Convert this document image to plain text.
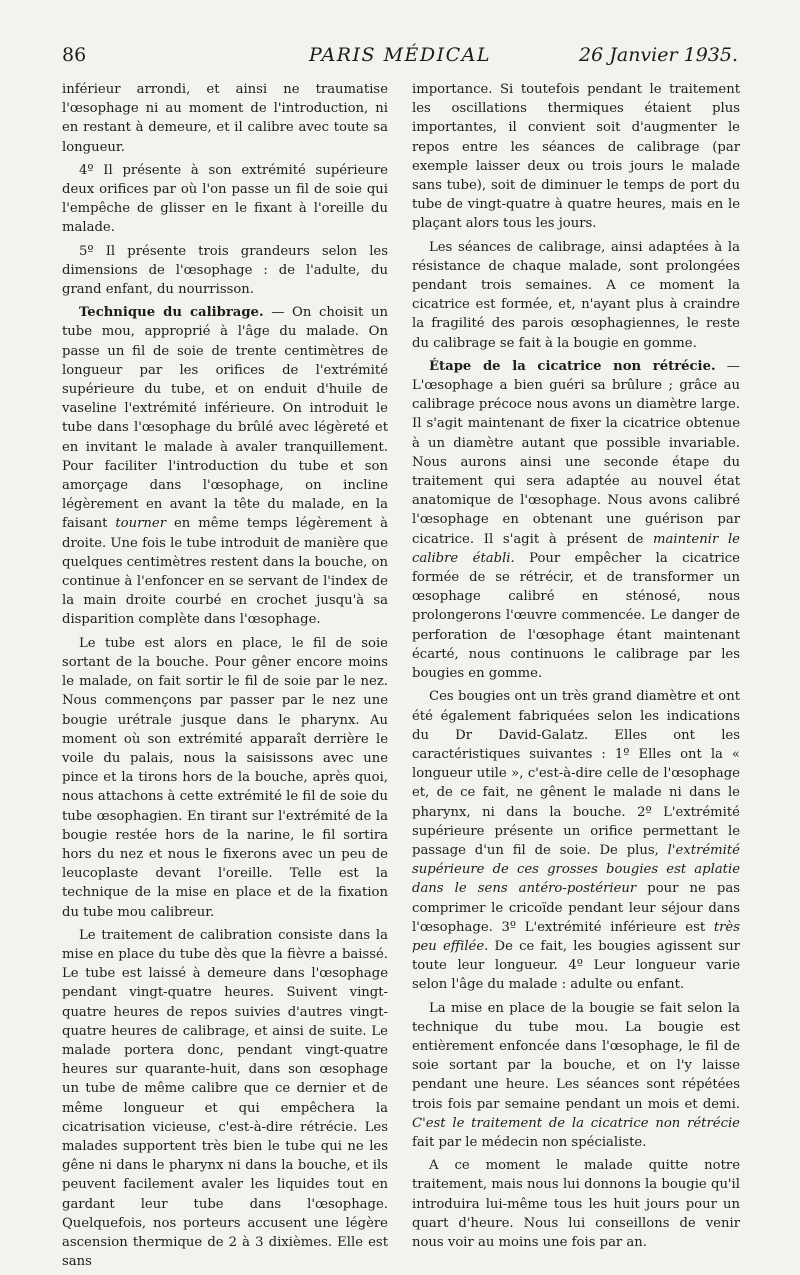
86	PARIS MÉDICAL	26 Janvier 1935.

inférieur arrondi, et ainsi ne traumatise l'œsophage ni au moment de l'introduction, ni en restant à demeure, et il calibre avec toute sa longueur.

4º Il présente à son extrémité supérieure deux orifices par où l'on passe un fil de soie qui l'empêche de glisser en le fixant à l'oreille du malade.

5º Il présente trois grandeurs selon les dimensions de l'œsophage : de l'adulte, du grand enfant, du nourrisson.

Technique du calibrage. — On choisit un tube mou, approprié à l'âge du malade. On passe un fil de soie de trente centimètres de longueur par les orifices de l'extrémité supérieure du tube, et on enduit d'huile de vaseline l'extrémité inférieure. On introduit le tube dans l'œsophage du brûlé avec légèreté et en invitant le malade à avaler tranquillement. Pour faciliter l'introduction du tube et son amorçage dans l'œsophage, on incline légèrement en avant la tête du malade, en la faisant tourner en même temps légèrement à droite. Une fois le tube introduit de manière que quelques centimètres restent dans la bouche, on continue à l'enfoncer en se servant de l'index de la main droite courbé en crochet jusqu'à sa disparition complète dans l'œsophage.

Le tube est alors en place, le fil de soie sortant de la bouche. Pour gêner encore moins le malade, on fait sortir le fil de soie par le nez. Nous commençons par passer par le nez une bougie urétrale jusque dans le pharynx. Au moment où son extrémité apparaît derrière le voile du palais, nous la saisissons avec une pince et la tirons hors de la bouche, après quoi, nous attachons à cette extrémité le fil de soie du tube œsophagien. En tirant sur l'extrémité de la bougie restée hors de la narine, le fil sortira hors du nez et nous le fixerons avec un peu de leucoplaste devant l'oreille. Telle est la technique de la mise en place et de la fixation du tube mou calibreur.

Le traitement de calibration consiste dans la mise en place du tube dès que la fièvre a baissé. Le tube est laissé à demeure dans l'œsophage pendant vingt-quatre heures. Suivent vingt-quatre heures de repos suivies d'autres vingt-quatre heures de calibrage, et ainsi de suite. Le malade portera donc, pendant vingt-quatre heures sur quarante-huit, dans son œsophage un tube de même calibre que ce dernier et de même longueur et qui empêchera la cicatrisation vicieuse, c'est-à-dire rétrécie. Les malades supportent très bien le tube qui ne les gêne ni dans le pharynx ni dans la bouche, et ils peuvent facilement avaler les liquides tout en gardant leur tube dans l'œsophage. Quelquefois, nos porteurs accusent une légère ascension thermique de 2 à 3 dixièmes. Elle est sans

importance. Si toutefois pendant le traitement les oscillations thermiques étaient plus importantes, il convient soit d'augmenter le repos entre les séances de calibrage (par exemple laisser deux ou trois jours le malade sans tube), soit de diminuer le temps de port du tube de vingt-quatre à quatre heures, mais en le plaçant alors tous les jours.

Les séances de calibrage, ainsi adaptées à la résistance de chaque malade, sont prolongées pendant trois semaines. A ce moment la cicatrice est formée, et, n'ayant plus à craindre la fragilité des parois œsophagiennes, le reste du calibrage se fait à la bougie en gomme.

Étape de la cicatrice non rétrécie. — L'œsophage a bien guéri sa brûlure ; grâce au calibrage précoce nous avons un diamètre large. Il s'agit maintenant de fixer la cicatrice obtenue à un diamètre autant que possible invariable. Nous aurons ainsi une seconde étape du traitement qui sera adaptée au nouvel état anatomique de l'œsophage. Nous avons calibré l'œsophage en obtenant une guérison par cicatrice. Il s'agit à présent de maintenir le calibre établi. Pour empêcher la cicatrice formée de se rétrécir, et de transformer un œsophage calibré en sténosé, nous prolongerons l'œuvre commencée. Le danger de perforation de l'œsophage étant maintenant écarté, nous continuons le calibrage par les bougies en gomme.

Ces bougies ont un très grand diamètre et ont été également fabriquées selon les indications du Dr David-Galatz. Elles ont les caractéristiques suivantes : 1º Elles ont la « longueur utile », c'est-à-dire celle de l'œsophage et, de ce fait, ne gênent le malade ni dans le pharynx, ni dans la bouche. 2º L'extrémité supérieure présente un orifice permettant le passage d'un fil de soie. De plus, l'extrémité supérieure de ces grosses bougies est aplatie dans le sens antéro-postérieur pour ne pas comprimer le cricoïde pendant leur séjour dans l'œsophage. 3º L'extrémité inférieure est très peu effilée. De ce fait, les bougies agissent sur toute leur longueur. 4º Leur longueur varie selon l'âge du malade : adulte ou enfant.

La mise en place de la bougie se fait selon la technique du tube mou. La bougie est entièrement enfoncée dans l'œsophage, le fil de soie sortant par la bouche, et on l'y laisse pendant une heure. Les séances sont répétées trois fois par semaine pendant un mois et demi. C'est le traitement de la cicatrice non rétrécie fait par le médecin non spécialiste.

A ce moment le malade quitte notre traitement, mais nous lui donnons la bougie qu'il introduira lui-même tous les huit jours pour un quart d'heure. Nous lui conseillons de venir nous voir au moins une fois par an.
